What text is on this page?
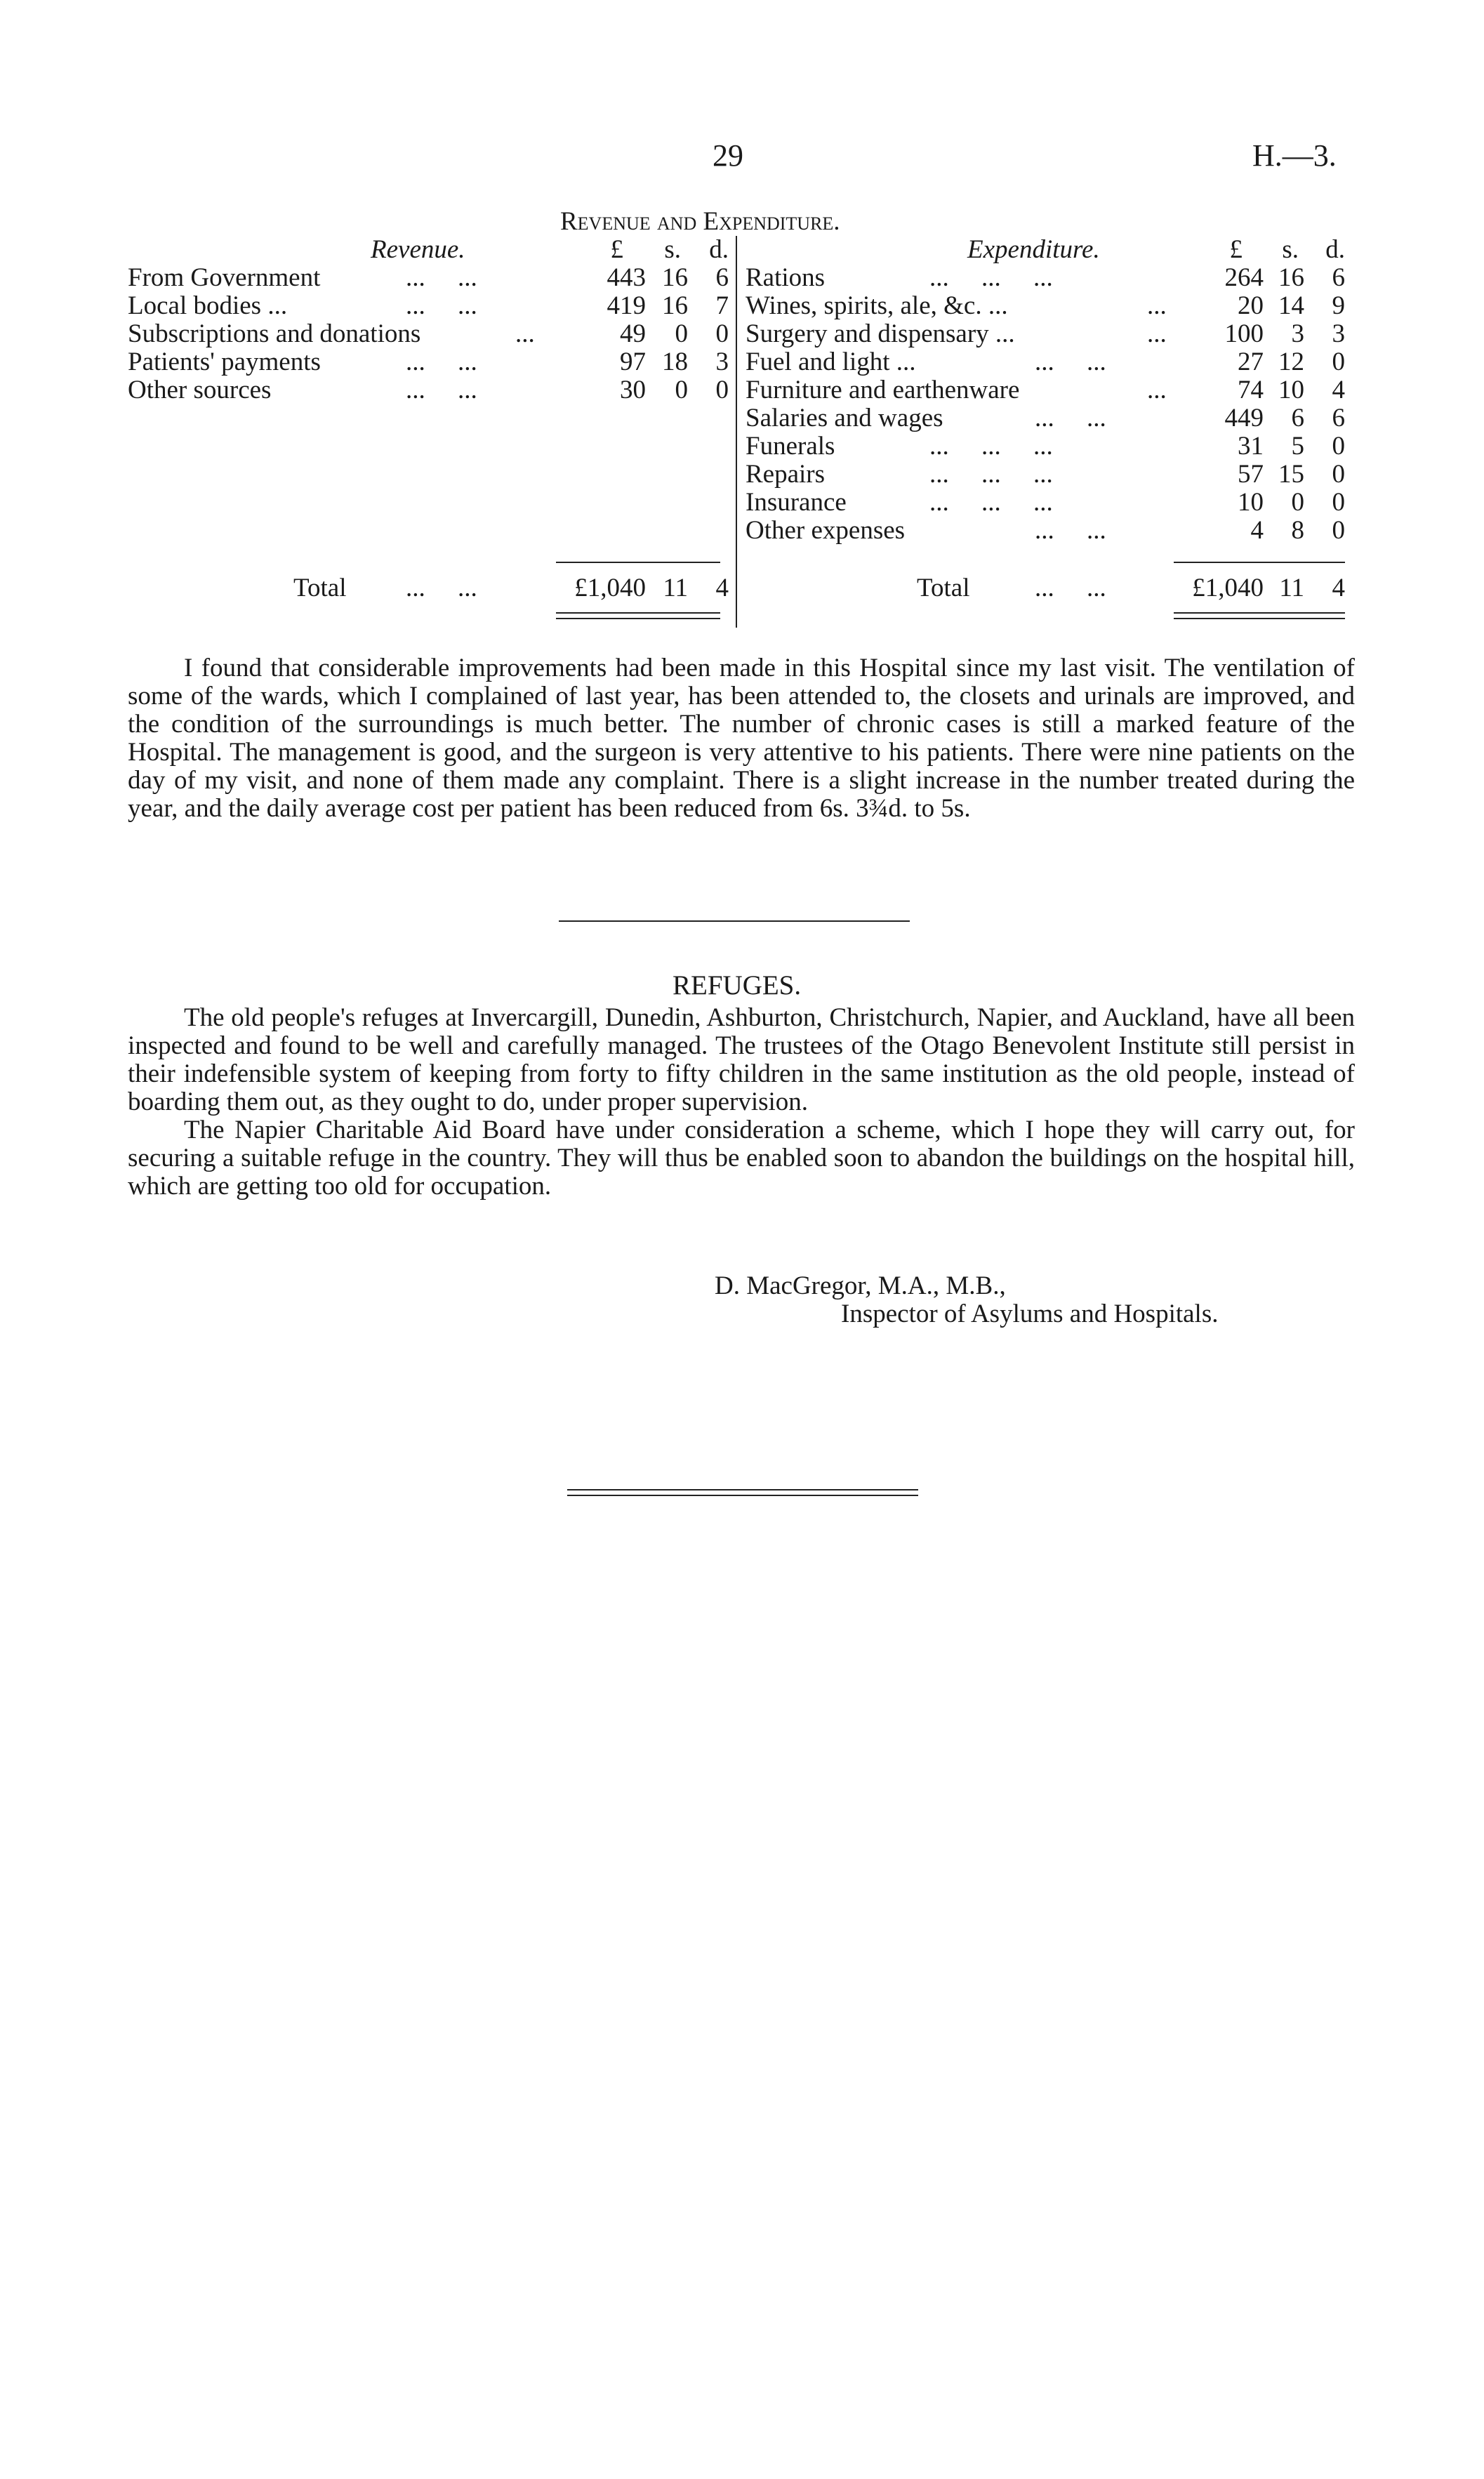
29	H.—3.
Revenue and Expenditure.
Revenue.	Expenditure.
£	s.	d.	£	s.	d.
From Government	...     ...	443 16	6
Local bodies ...	...     ...	419 16	7
Subscriptions and donations	...	49	0	0
Patients' payments	...     ...	97 18	3
Other sources	...     ...	30	0	0
Rations	...     ...     ...	264 16	6
Wines, spirits, ale, &c. ...	...	20 14	9
Surgery and dispensary ...	...	100	3	3
Fuel and light ...	...     ...	27 12	0
Furniture and earthenware	...	74 10	4
Salaries and wages	...     ...	449	6	6
Funerals	...     ...     ...	31	5	0
Repairs	...     ...     ...	57 15	0
Insurance	...     ...     ...	10	0	0
Other expenses	...     ...	4	8	0
Total ...     ...	£1,040 11	4	Total	...     ...	£1,040 11	4

I found that considerable improvements had been made in this Hospital since my last visit. The ventilation of some of the wards, which I complained of last year, has been attended to, the closets and urinals are improved, and the condition of the surroundings is much better. The number of chronic cases is still a marked feature of the Hospital. The management is good, and the surgeon is very attentive to his patients. There were nine patients on the day of my visit, and none of them made any complaint. There is a slight increase in the number treated during the year, and the daily average cost per patient has been reduced from 6s. 3¾d. to 5s.

REFUGES.

The old people's refuges at Invercargill, Dunedin, Ashburton, Christchurch, Napier, and Auckland, have all been inspected and found to be well and carefully managed. The trustees of the Otago Benevolent Institute still persist in their indefensible system of keeping from forty to fifty children in the same institution as the old people, instead of boarding them out, as they ought to do, under proper supervision.

The Napier Charitable Aid Board have under consideration a scheme, which I hope they will carry out, for securing a suitable refuge in the country. They will thus be enabled soon to abandon the buildings on the hospital hill, which are getting too old for occupation.

D. MacGregor, M.A., M.B.,
Inspector of Asylums and Hospitals.
